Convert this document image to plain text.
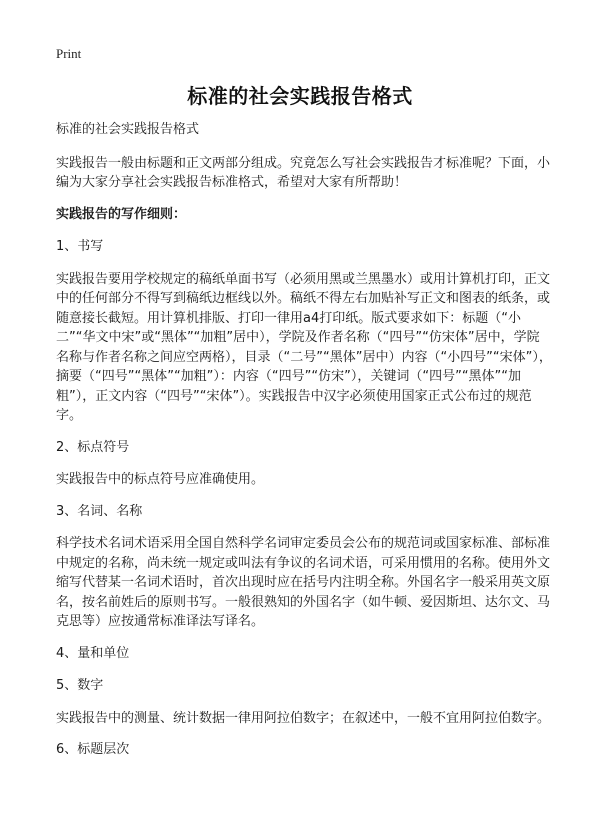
Print
标准的社会实践报告格式

标准的社会实践报告格式

实践报告一般由标题和正文两部分组成。究竟怎么写社会实践报告才标准呢？下面，小编为大家分享社会实践报告标准格式，希望对大家有所帮助！

实践报告的写作细则：

1、书写

实践报告要用学校规定的稿纸单面书写（必须用黑或兰黑墨水）或用计算机打印，正文中的任何部分不得写到稿纸边框线以外。稿纸不得左右加贴补写正文和图表的纸条，或随意接长截短。用计算机排版、打印一律用a4打印纸。版式要求如下：标题（“小二”“华文中宋”或“黑体”“加粗”居中），学院及作者名称（“四号”“仿宋体”居中，学院名称与作者名称之间应空两格），目录（“二号”“黑体”居中）内容（“小四号”“宋体”），摘要（“四号”“黑体”“加粗”）：内容（“四号”“仿宋”），关键词（“四号”“黑体”“加粗”），正文内容（“四号”“宋体”）。实践报告中汉字必须使用国家正式公布过的规范字。

2、标点符号

实践报告中的标点符号应准确使用。

3、名词、名称

科学技术名词术语采用全国自然科学名词审定委员会公布的规范词或国家标准、部标准中规定的名称，尚未统一规定或叫法有争议的名词术语，可采用惯用的名称。使用外文缩写代替某一名词术语时，首次出现时应在括号内注明全称。外国名字一般采用英文原名，按名前姓后的原则书写。一般很熟知的外国名字（如牛顿、爱因斯坦、达尔文、马克思等）应按通常标准译法写译名。

4、量和单位

5、数字

实践报告中的测量、统计数据一律用阿拉伯数字；在叙述中，一般不宜用阿拉伯数字。

6、标题层次
